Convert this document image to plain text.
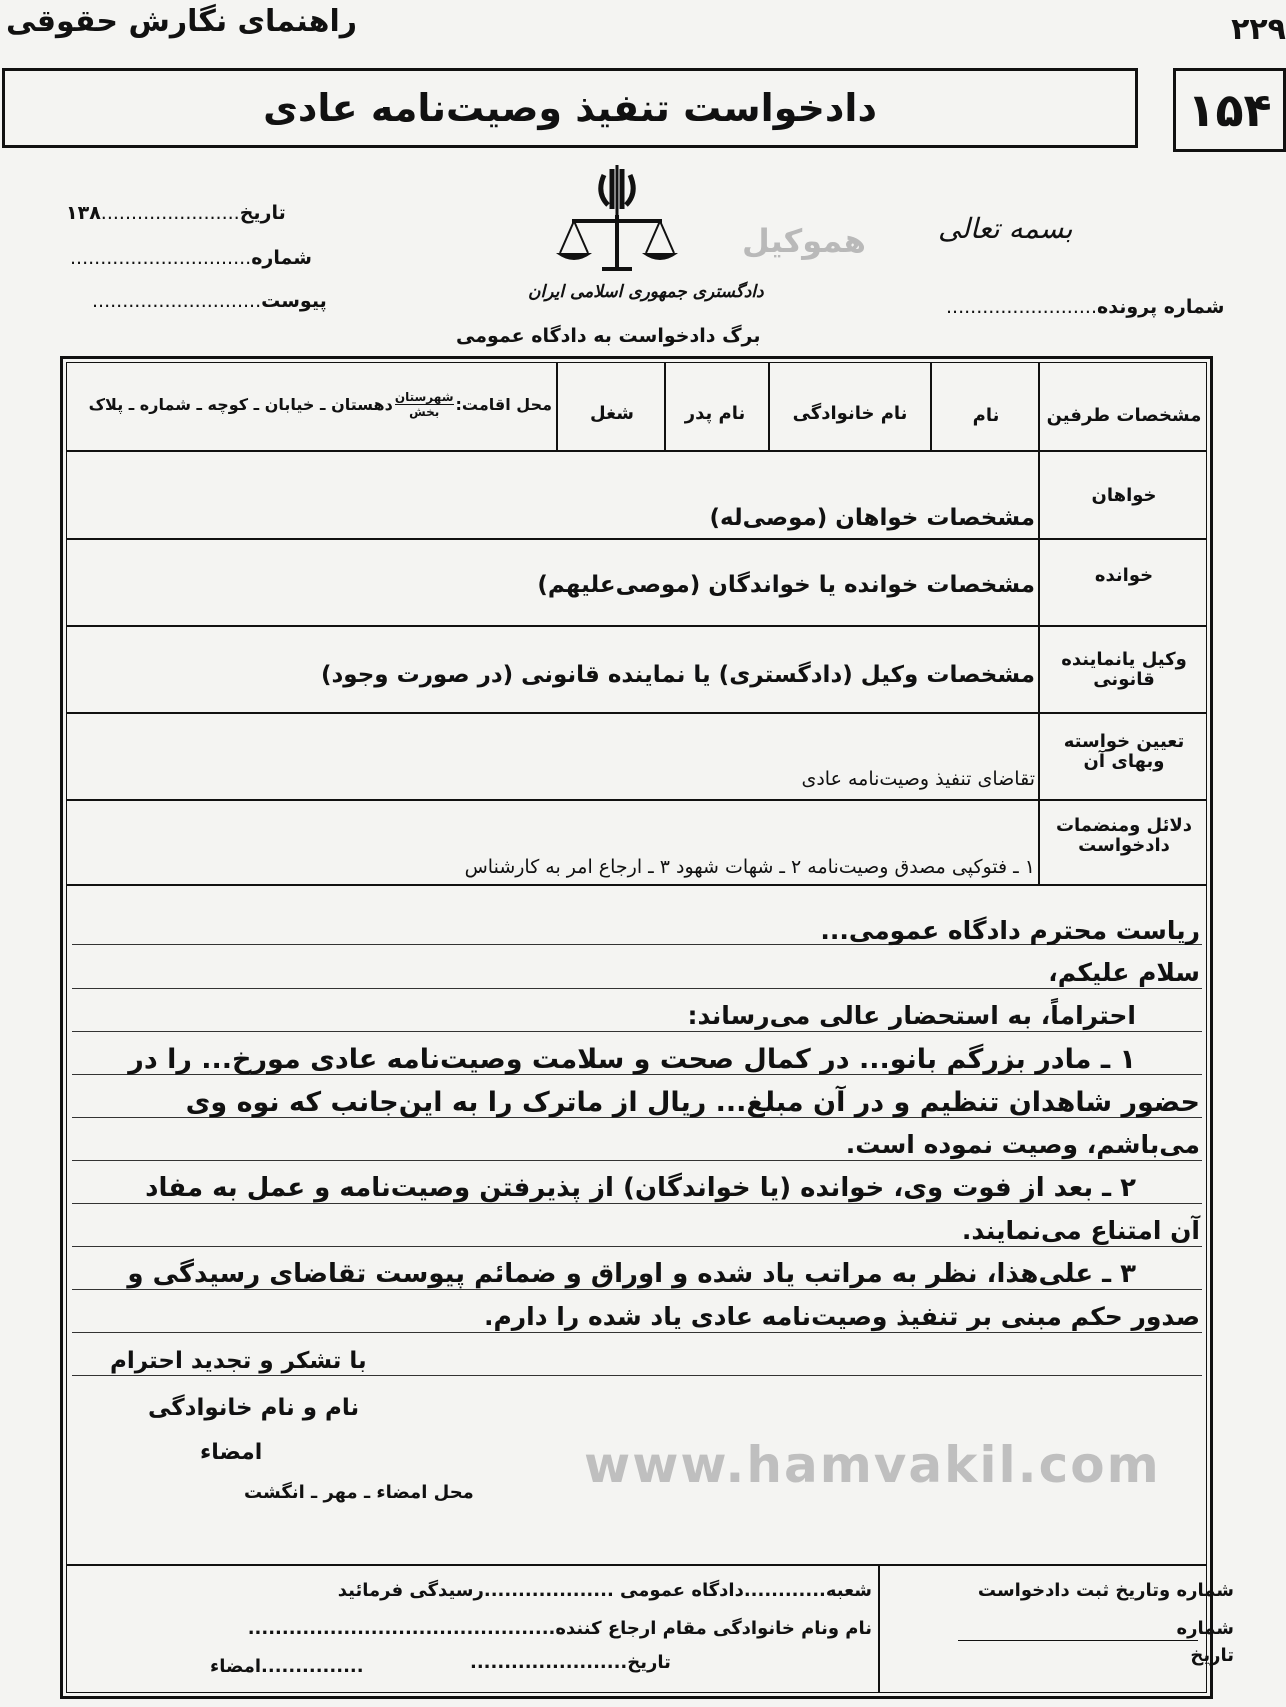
راهنمای نگارش حقوقی	۲۲۹
دادخواست تنفیذ وصیت‌نامه عادی	۱۵۴
تاریخ.......................۱۳۸
شماره..............................
پیوست............................
بسمه تعالی
هموکیل
دادگستری جمهوری اسلامی ایران
برگ دادخواست به دادگاه عمومی
شماره پرونده.........................
مشخصات طرفین
نام
نام خانوادگی
نام پدر
شغل
محل اقامت:
شهرستان
بخش
دهستان ـ خیابان ـ کوچه ـ شماره ـ پلاک
خواهان
مشخصات خواهان (موصی‌له)
خوانده
مشخصات خوانده یا خواندگان (موصی‌علیهم)
وکیل یانماینده
قانونی
مشخصات وکیل (دادگستری) یا نماینده قانونی (در صورت وجود)
تعیین خواسته
وبهای آن
تقاضای تنفیذ وصیت‌نامه عادی
دلائل ومنضمات
دادخواست
۱ ـ فتوکپی مصدق وصیت‌نامه ۲ ـ شهات شهود ۳ ـ ارجاع امر به کارشناس
ریاست محترم دادگاه عمومی...
سلام علیکم،
احتراماً، به استحضار عالی می‌رساند:
۱ ـ مادر بزرگم بانو... در کمال صحت و سلامت وصیت‌نامه عادی مورخ... را در
حضور شاهدان تنظیم و در آن مبلغ... ریال از ماترک را به این‌جانب که نوه وی
می‌باشم، وصیت نموده است.
۲ ـ بعد از فوت وی، خوانده (یا خواندگان) از پذیرفتن وصیت‌نامه و عمل به مفاد
آن امتناع می‌نمایند.
۳ ـ علی‌هذا، نظر به مراتب یاد شده و اوراق و ضمائم پیوست تقاضای رسیدگی و
صدور حکم مبنی بر تنفیذ وصیت‌نامه عادی یاد شده را دارم.
با تشکر و تجدید احترام
نام و نام خانوادگی
امضاء
محل امضاء ـ مهر ـ انگشت www.hamvakil.com
شماره وتاریخ ثبت دادخواست
شماره
تاریخ
شعبه............دادگاه عمومی ...................رسیدگی فرمائید
نام ونام خانوادگی مقام ارجاع کننده.............................................
تاریخ.......................
...............امضاء
